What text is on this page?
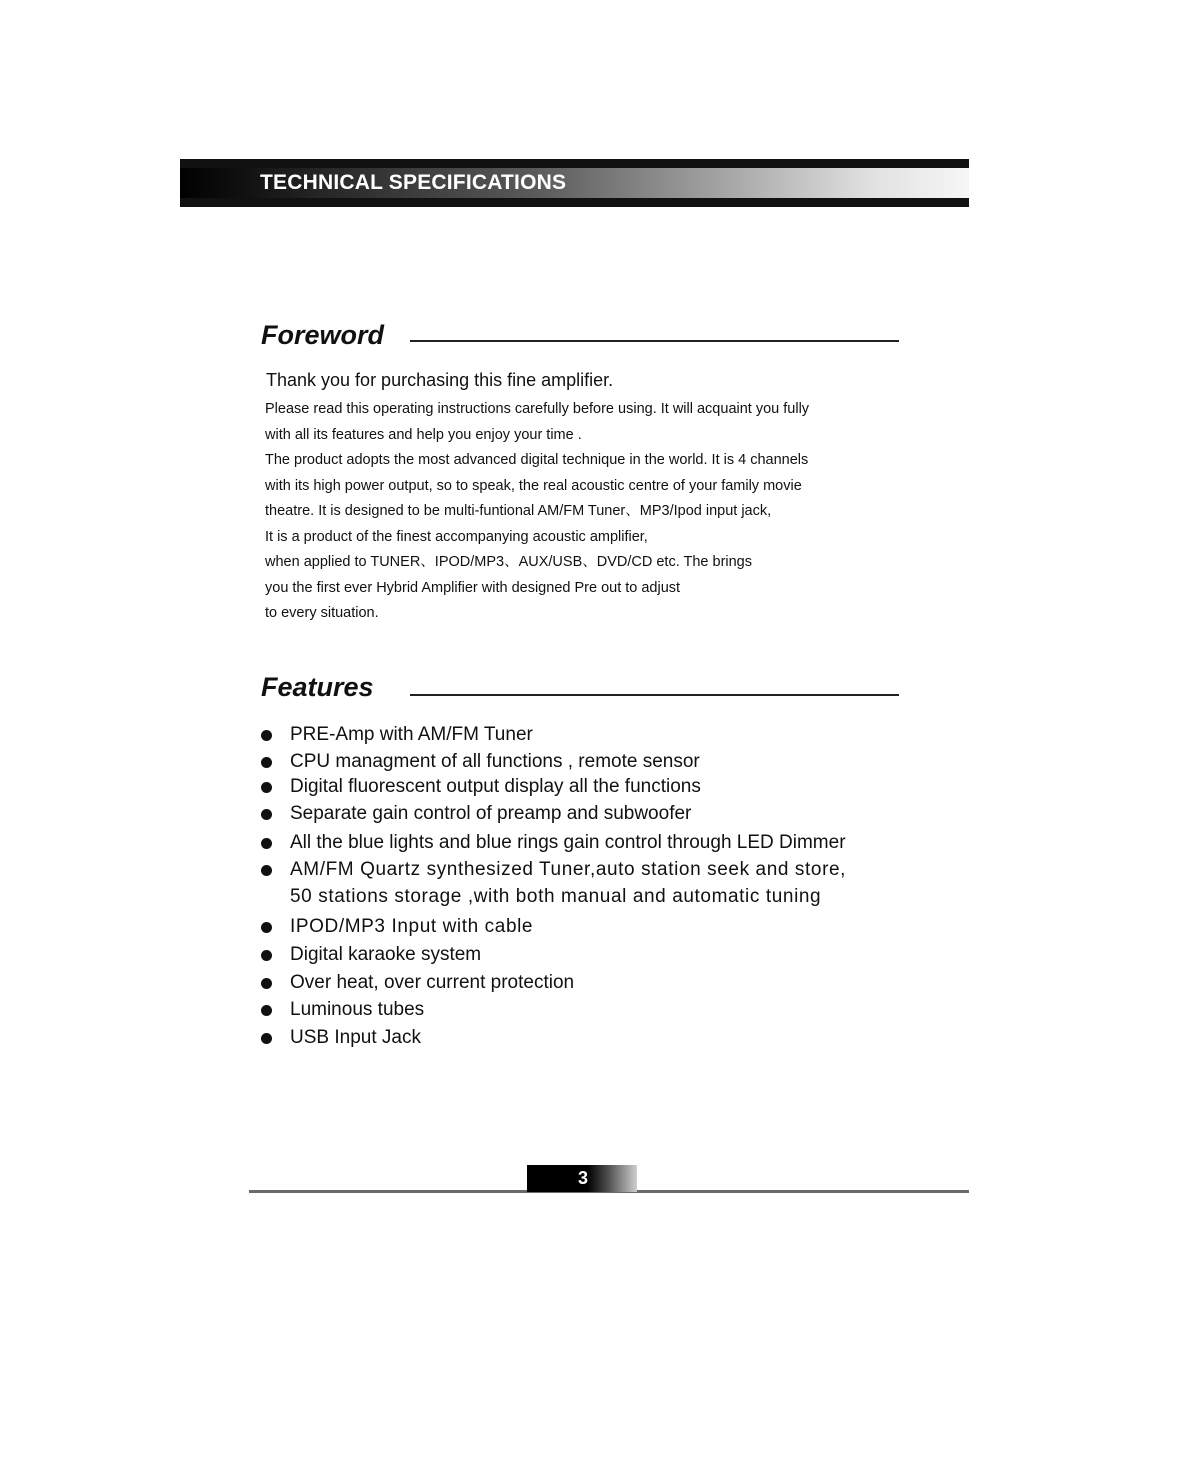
TECHNICAL SPECIFICATIONS
Foreword
Thank you for purchasing this fine amplifier.
Please read this operating instructions carefully before using. It will acquaint you fully
with all its features and help you enjoy your time .
The product adopts the most advanced digital technique in the world. It is 4 channels
with its high power output, so to speak, the real acoustic centre of your family movie
theatre. It is designed to be multi-funtional AM/FM Tuner、MP3/Ipod input jack,
It is a product of the finest accompanying acoustic amplifier,
when applied to TUNER、IPOD/MP3、AUX/USB、DVD/CD etc. The brings
you the first ever Hybrid Amplifier with designed Pre out to adjust
to every situation.
Features
PRE-Amp with AM/FM Tuner
CPU managment of all functions , remote sensor
Digital fluorescent output display all the functions
Separate gain control of preamp and subwoofer
All the blue lights and blue rings gain control through LED Dimmer
AM/FM Quartz synthesized Tuner,auto station seek and store,
50 stations storage ,with both manual and automatic tuning
IPOD/MP3 Input with cable
Digital karaoke system
Over heat, over current protection
Luminous tubes
USB Input Jack
3
